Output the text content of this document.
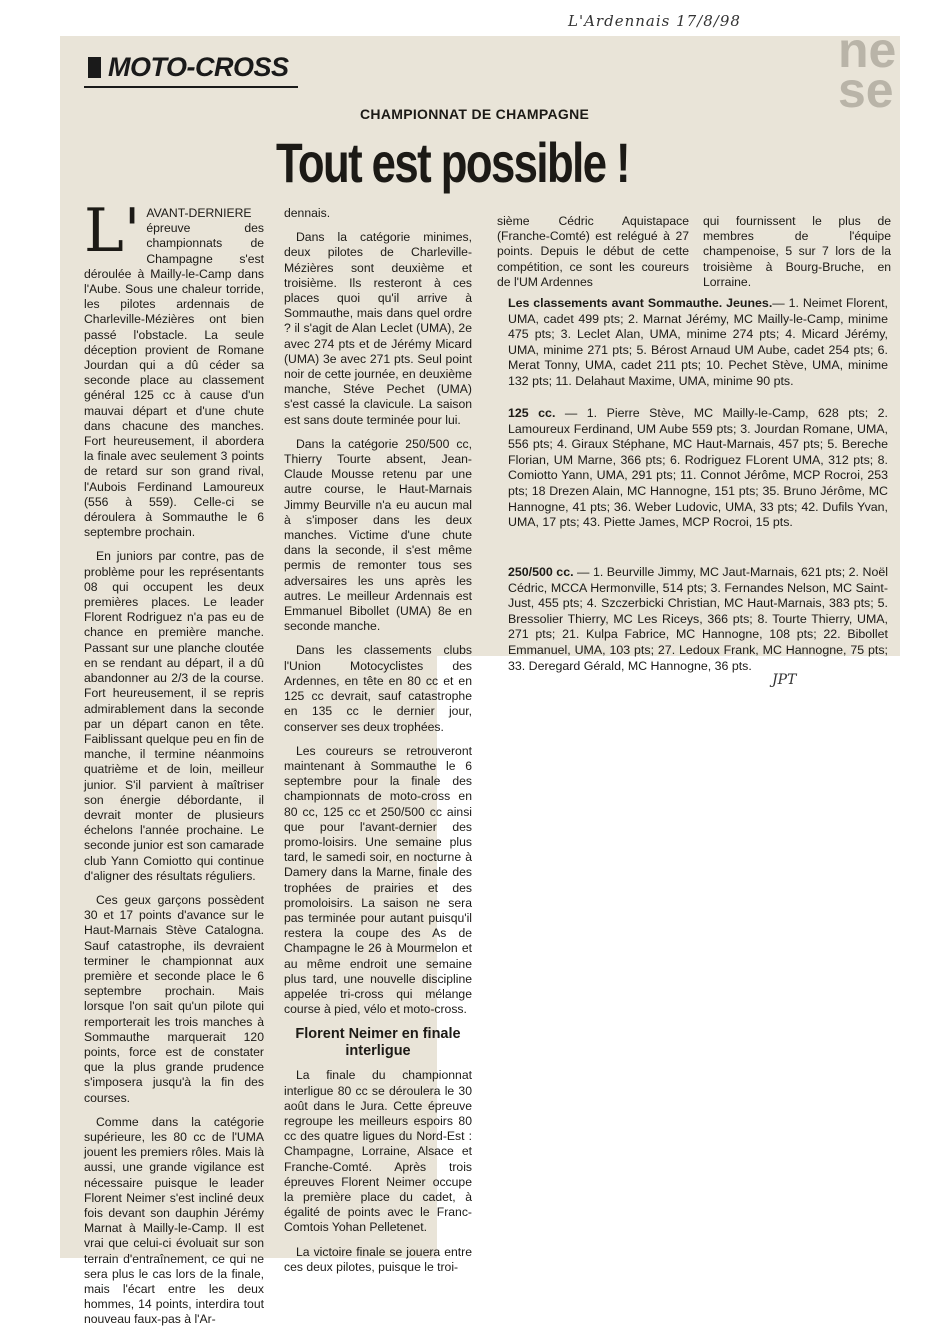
L'Ardennais 17/8/98
ne se
MOTO-CROSS
CHAMPIONNAT DE CHAMPAGNE
Tout est possible !

L' AVANT-DERNIERE épreuve des championnats de Champagne s'est déroulée à Mailly-le-Camp dans l'Aube. Sous une chaleur torride, les pilotes ardennais de Charleville-Mézières ont bien passé l'obstacle. La seule déception provient de Romane Jourdan qui a dû céder sa seconde place au classement général 125 cc à cause d'un mauvai départ et d'une chute dans chacune des manches. Fort heureusement, il abordera la finale avec seulement 3 points de retard sur son grand rival, l'Aubois Ferdinand Lamoureux (556 à 559). Celle-ci se déroulera à Sommauthe le 6 septembre prochain.

En juniors par contre, pas de problème pour les représentants 08 qui occupent les deux premières places. Le leader Florent Rodriguez n'a pas eu de chance en première manche. Passant sur une planche cloutée en se rendant au départ, il a dû abandonner au 2/3 de la course. Fort heureusement, il se repris admirablement dans la seconde par un départ canon en tête. Faiblissant quelque peu en fin de manche, il termine néanmoins quatrième et de loin, meilleur junior. S'il parvient à maîtriser son énergie débordante, il devrait monter de plusieurs échelons l'année prochaine. Le seconde junior est son camarade club Yann Comiotto qui continue d'aligner des résultats réguliers.

Ces geux garçons possèdent 30 et 17 points d'avance sur le Haut-Marnais Stève Catalogna. Sauf catastrophe, ils devraient terminer le championnat aux première et seconde place le 6 septembre prochain. Mais lorsque l'on sait qu'un pilote qui remporterait les trois manches à Sommauthe marquerait 120 points, force est de constater que la plus grande prudence s'imposera jusqu'à la fin des courses.

Comme dans la catégorie supérieure, les 80 cc de l'UMA jouent les premiers rôles. Mais là aussi, une grande vigilance est nécessaire puisque le leader Florent Neimer s'est incliné deux fois devant son dauphin Jérémy Marnat à Mailly-le-Camp. Il est vrai que celui-ci évoluait sur son terrain d'entraînement, ce qui ne sera plus le cas lors de la finale, mais l'écart entre les deux hommes, 14 points, interdira tout nouveau faux-pas à l'Ar-

dennais.

Dans la catégorie minimes, deux pilotes de Charleville-Mézières sont deuxième et troisième. Ils resteront à ces places quoi qu'il arrive à Sommauthe, mais dans quel ordre ? il s'agit de Alan Leclet (UMA), 2e avec 274 pts et de Jérémy Micard (UMA) 3e avec 271 pts. Seul point noir de cette journée, en deuxième manche, Stéve Pechet (UMA) s'est cassé la clavicule. La saison est sans doute terminée pour lui.

Dans la catégorie 250/500 cc, Thierry Tourte absent, Jean-Claude Mousse retenu par une autre course, le Haut-Marnais Jimmy Beurville n'a eu aucun mal à s'imposer dans les deux manches. Victime d'une chute dans la seconde, il s'est même permis de remonter tous ses adversaires les uns après les autres. Le meilleur Ardennais est Emmanuel Bibollet (UMA) 8e en seconde manche.

Dans les classements clubs l'Union Motocyclistes des Ardennes, en tête en 80 cc et en 125 cc devrait, sauf catastrophe en 135 cc le dernier jour, conserver ses deux trophées.

Les coureurs se retrouveront maintenant à Sommauthe le 6 septembre pour la finale des championnats de moto-cross en 80 cc, 125 cc et 250/500 cc ainsi que pour l'avant-dernier des promo-loisirs. Une semaine plus tard, le samedi soir, en nocturne à Damery dans la Marne, finale des trophées de prairies et des promoloisirs. La saison ne sera pas terminée pour autant puisqu'il restera la coupe des As de Champagne le 26 à Mourmelon et au même endroit une semaine plus tard, une nouvelle discipline appelée tri-cross qui mélange course à pied, vélo et moto-cross.

Florent Neimer en finale interligue

La finale du championnat interligue 80 cc se déroulera le 30 août dans le Jura. Cette épreuve regroupe les meilleurs espoirs 80 cc des quatre ligues du Nord-Est : Champagne, Lorraine, Alsace et Franche-Comté. Après trois épreuves Florent Neimer occupe la première place du cadet, à égalité de points avec le Franc-Comtois Yohan Pelletenet.

La victoire finale se jouera entre ces deux pilotes, puisque le troi-

sième Cédric Aquistapace (Franche-Comté) est relégué à 27 points. Depuis le début de cette compétition, ce sont les coureurs de l'UM Ardennes

qui fournissent le plus de membres de l'équipe champenoise, 5 sur 7 lors de la troisième à Bourg-Bruche, en Lorraine.

Les classements avant Sommauthe. Jeunes.— 1. Neimet Florent, UMA, cadet 499 pts; 2. Marnat Jérémy, MC Mailly-le-Camp, minime 475 pts; 3. Leclet Alan, UMA, minime 274 pts; 4. Micard Jérémy, UMA, minime 271 pts; 5. Bérost Arnaud UM Aube, cadet 254 pts; 6. Merat Tonny, UMA, cadet 211 pts; 10. Pechet Stève, UMA, minime 132 pts; 11. Delahaut Maxime, UMA, minime 90 pts.
125 cc. — 1. Pierre Stève, MC Mailly-le-Camp, 628 pts; 2. Lamoureux Ferdinand, UM Aube 559 pts; 3. Jourdan Romane, UMA, 556 pts; 4. Giraux Stéphane, MC Haut-Marnais, 457 pts; 5. Bereche Florian, UM Marne, 366 pts; 6. Rodriguez FLorent UMA, 312 pts; 8. Comiotto Yann, UMA, 291 pts; 11. Connot Jérôme, MCP Rocroi, 253 pts; 18 Drezen Alain, MC Hannogne, 151 pts; 35. Bruno Jérôme, MC Hannogne, 41 pts; 36. Weber Ludovic, UMA, 33 pts; 42. Dufils Yvan, UMA, 17 pts; 43. Piette James, MCP Rocroi, 15 pts.
250/500 cc. — 1. Beurville Jimmy, MC Jaut-Marnais, 621 pts; 2. Noël Cédric, MCCA Hermonville, 514 pts; 3. Fernandes Nelson, MC Saint-Just, 455 pts; 4. Szczerbicki Christian, MC Haut-Marnais, 383 pts; 5. Bressolier Thierry, MC Les Riceys, 366 pts; 8. Tourte Thierry, UMA, 271 pts; 21. Kulpa Fabrice, MC Hannogne, 108 pts; 22. Bibollet Emmanuel, UMA, 103 pts; 27. Ledoux Frank, MC Hannogne, 75 pts; 33. Deregard Gérald, MC Hannogne, 36 pts.
JPT
